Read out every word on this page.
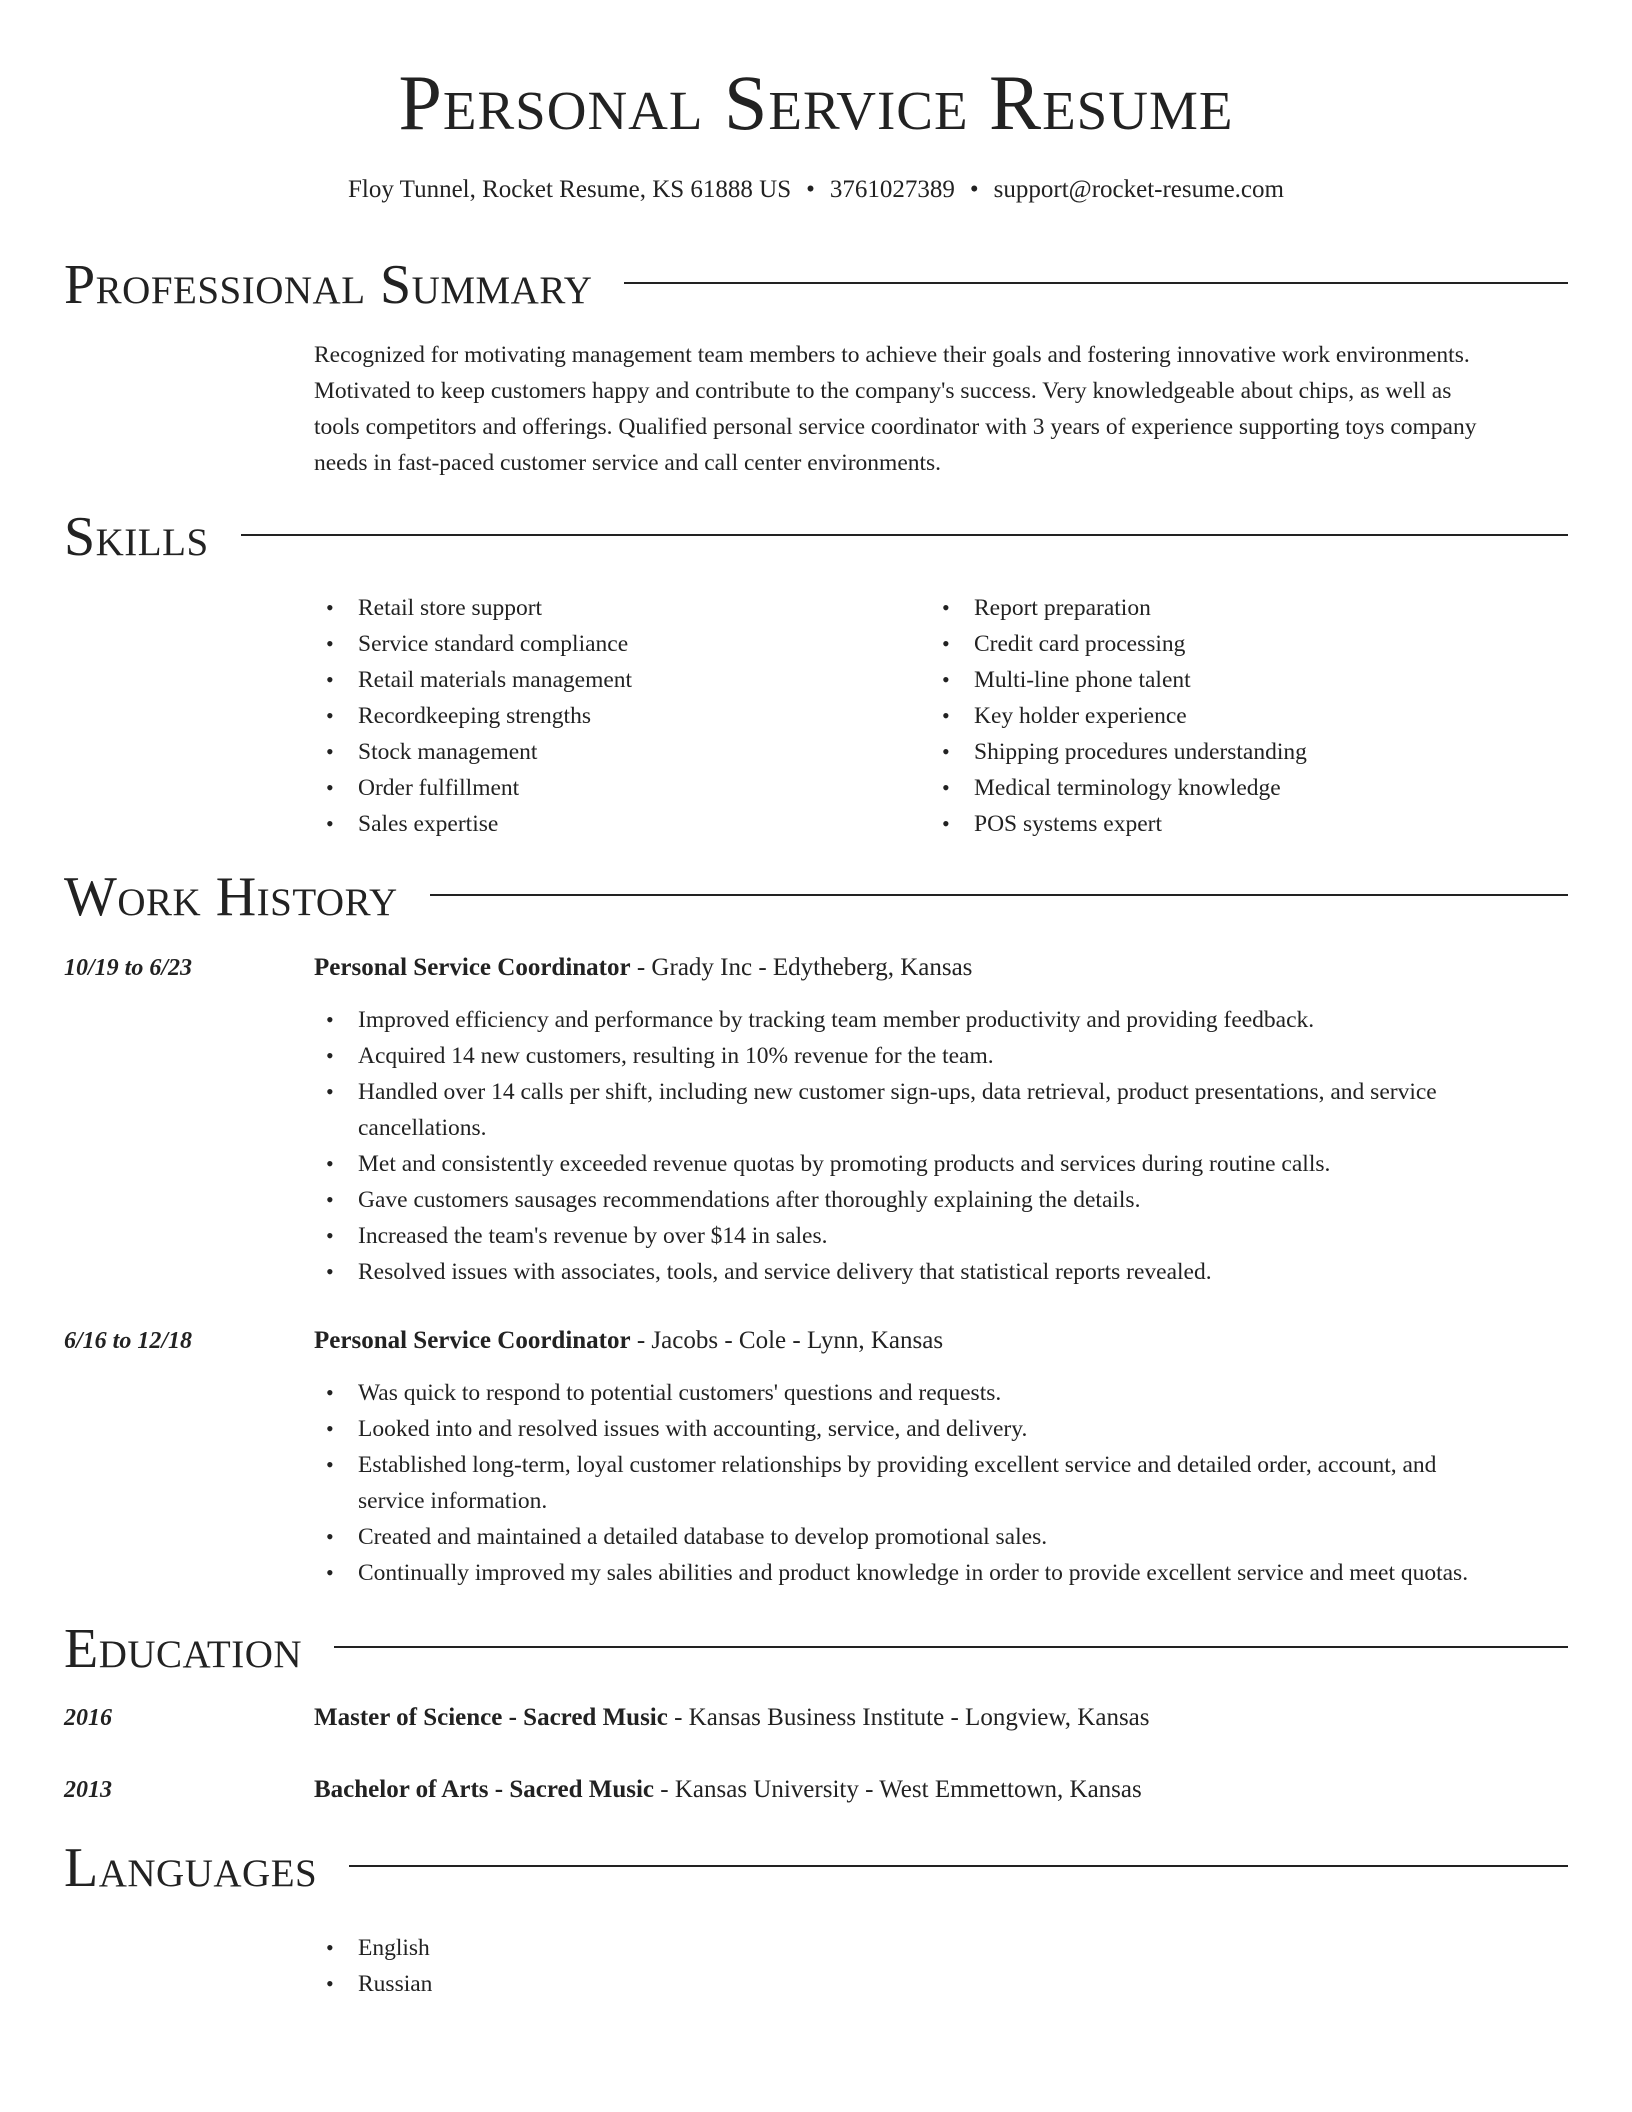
Personal Service Resume
Floy Tunnel, Rocket Resume, KS 61888 US • 3761027389 • support@rocket-resume.com
Professional Summary
Recognized for motivating management team members to achieve their goals and fostering innovative work environments.
Motivated to keep customers happy and contribute to the company's success. Very knowledgeable about chips, as well as
tools competitors and offerings. Qualified personal service coordinator with 3 years of experience supporting toys company
needs in fast-paced customer service and call center environments.
Skills
• Retail store support
• Service standard compliance
• Retail materials management
• Recordkeeping strengths
• Stock management
• Order fulfillment
• Sales expertise
• Report preparation
• Credit card processing
• Multi-line phone talent
• Key holder experience
• Shipping procedures understanding
• Medical terminology knowledge
• POS systems expert
Work History
10/19 to 6/23	Personal Service Coordinator - Grady Inc - Edytheberg, Kansas
• Improved efficiency and performance by tracking team member productivity and providing feedback.
• Acquired 14 new customers, resulting in 10% revenue for the team.
• Handled over 14 calls per shift, including new customer sign-ups, data retrieval, product presentations, and service
cancellations.
• Met and consistently exceeded revenue quotas by promoting products and services during routine calls.
• Gave customers sausages recommendations after thoroughly explaining the details.
• Increased the team's revenue by over $14 in sales.
• Resolved issues with associates, tools, and service delivery that statistical reports revealed.
6/16 to 12/18	Personal Service Coordinator - Jacobs - Cole - Lynn, Kansas
• Was quick to respond to potential customers' questions and requests.
• Looked into and resolved issues with accounting, service, and delivery.
• Established long-term, loyal customer relationships by providing excellent service and detailed order, account, and
service information.
• Created and maintained a detailed database to develop promotional sales.
• Continually improved my sales abilities and product knowledge in order to provide excellent service and meet quotas.
Education
2016	Master of Science - Sacred Music - Kansas Business Institute - Longview, Kansas
2013	Bachelor of Arts - Sacred Music - Kansas University - West Emmettown, Kansas
Languages
• English
• Russian
